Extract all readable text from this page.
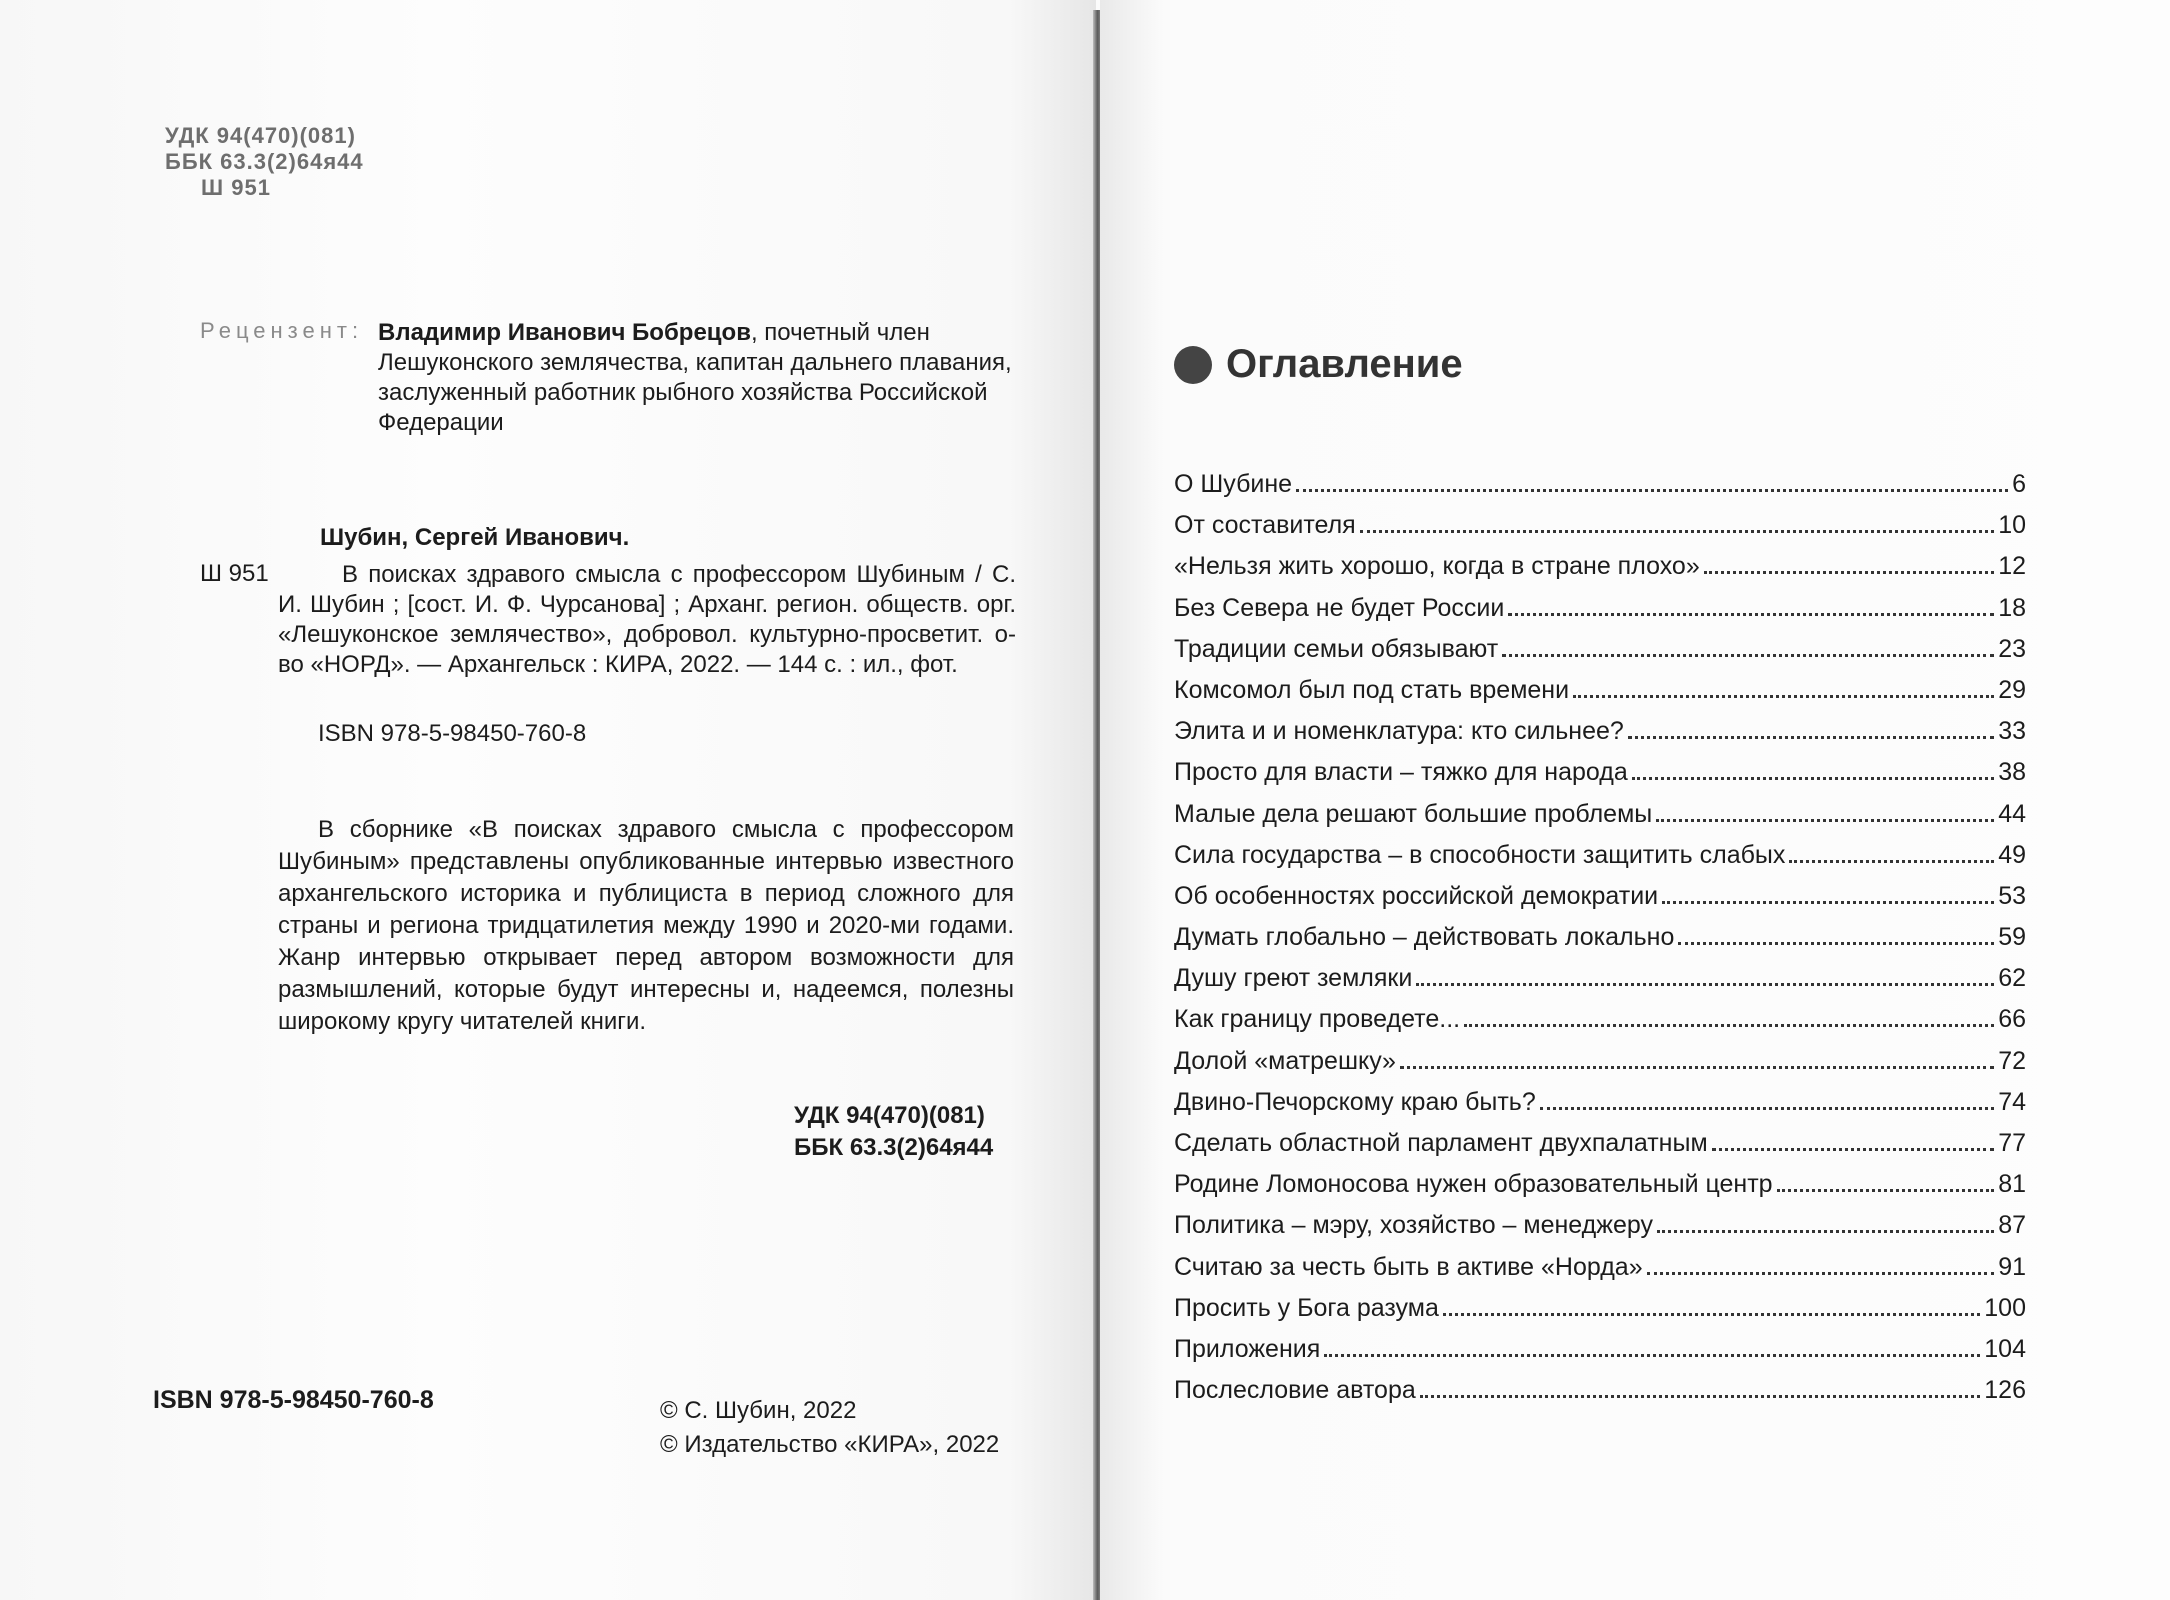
УДК 94(470)(081)
ББК 63.3(2)64я44
Ш 951
Рецензент: Владимир Иванович Бобрецов, почетный член Лешуконского землячества, капитан дальнего плавания, заслуженный работник рыбного хозяйства Российской Федерации
Шубин, Сергей Иванович.
Ш 951	В поисках здравого смысла с профессором Шубиным / С. И. Шубин ; [сост. И. Ф. Чурсанова] ; Арханг. регион. обществ. орг. «Лешуконское землячество», добровол. культурно-просветит. о-во «НОРД». — Архангельск : КИРА, 2022. — 144 с. : ил., фот.
ISBN 978-5-98450-760-8
В сборнике «В поисках здравого смысла с профессором Шубиным» представлены опубликованные интервью известного архангельского историка и публициста в период сложного для страны и региона тридцатилетия между 1990 и 2020-ми годами. Жанр интервью открывает перед автором возможности для размышлений, которые будут интересны и, надеемся, полезны широкому кругу читателей книги.
УДК 94(470)(081)
ББК 63.3(2)64я44
ISBN 978-5-98450-760-8	© С. Шубин, 2022
© Издательство «КИРА», 2022
Оглавление
О Шубине	6
От составителя	10
«Нельзя жить хорошо, когда в стране плохо»	12
Без Севера не будет России	18
Традиции семьи обязывают	23
Комсомол был под стать времени	29
Элита и и номенклатура: кто сильнее?	33
Просто для власти – тяжко для народа	38
Малые дела решают большие проблемы	44
Сила государства – в способности защитить слабых	49
Об особенностях российской демократии	53
Думать глобально – действовать локально	59
Душу греют земляки	62
Как границу проведете...	66
Долой «матрешку»	72
Двино-Печорскому краю быть?	74
Сделать областной парламент двухпалатным	77
Родине Ломоносова нужен образовательный центр	81
Политика – мэру, хозяйство – менеджеру	87
Считаю за честь быть в активе «Норда»	91
Просить у Бога разума	100
Приложения	104
Послесловие автора	126
